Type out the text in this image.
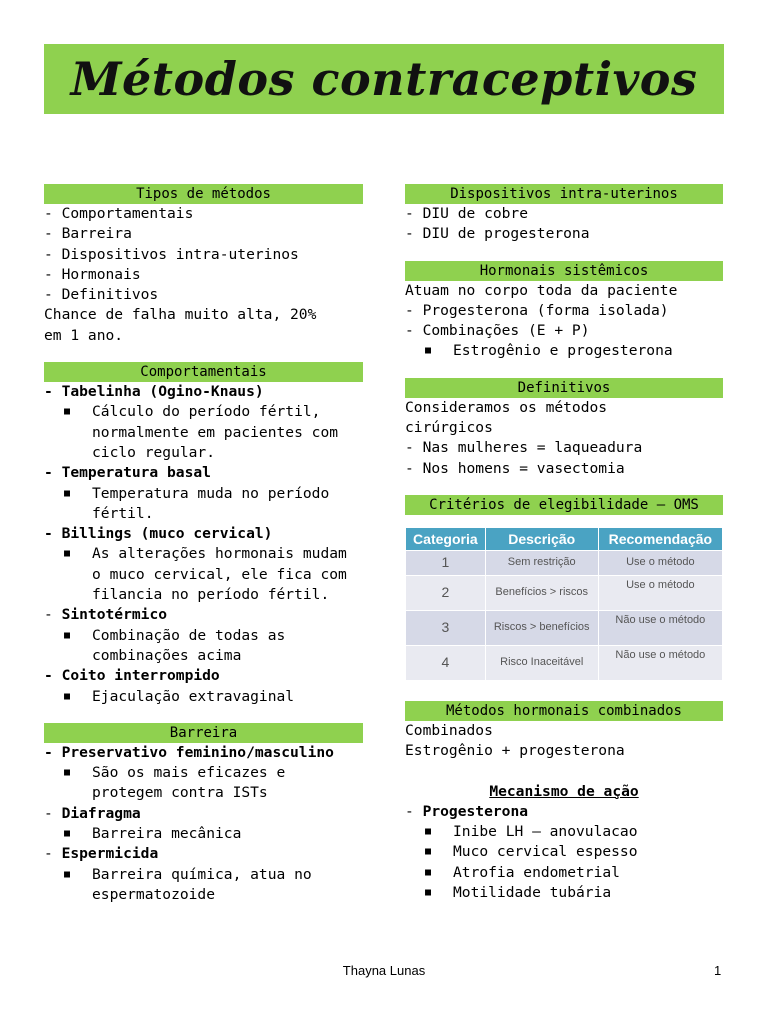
Métodos contraceptivos
Tipos de métodos
- Comportamentais
- Barreira
- Dispositivos intra-uterinos
- Hormonais
- Definitivos
Chance de falha muito alta, 20%
em 1 ano.
Comportamentais
- Tabelinha (Ogino-Knaus)
■	Cálculo do período fértil, normalmente em pacientes com ciclo regular.
- Temperatura basal
■	Temperatura muda no período fértil.
- Billings (muco cervical)
■	As alterações hormonais mudam o muco cervical, ele fica com filancia no período fértil.
- Sintotérmico
■	Combinação de todas as combinações acima
- Coito interrompido
■	Ejaculação extravaginal
Barreira
- Preservativo feminino/masculino
■	São os mais eficazes e protegem contra ISTs
- Diafragma
■	Barreira mecânica
- Espermicida
■	Barreira química, atua no espermatozoide
Dispositivos intra-uterinos
- DIU de cobre
- DIU de progesterona
Hormonais sistêmicos
Atuam no corpo toda da paciente
- Progesterona (forma isolada)
- Combinações (E + P)
■	Estrogênio e progesterona
Definitivos
Consideramos os métodos
cirúrgicos
- Nas mulheres = laqueadura
- Nos homens = vasectomia
Critérios de elegibilidade – OMS
Categoria	Descrição	Recomendação
1	Sem restrição	Use o método
2	Benefícios > riscos	Use o método
3	Riscos > benefícios	Não use o método
4	Risco Inaceitável	Não use o método
Métodos hormonais combinados
Combinados
Estrogênio + progesterona
Mecanismo de ação
- Progesterona
■	Inibe LH – anovulacao
■	Muco cervical espesso
■	Atrofia endometrial
■	Motilidade tubária
Thayna Lunas	1
